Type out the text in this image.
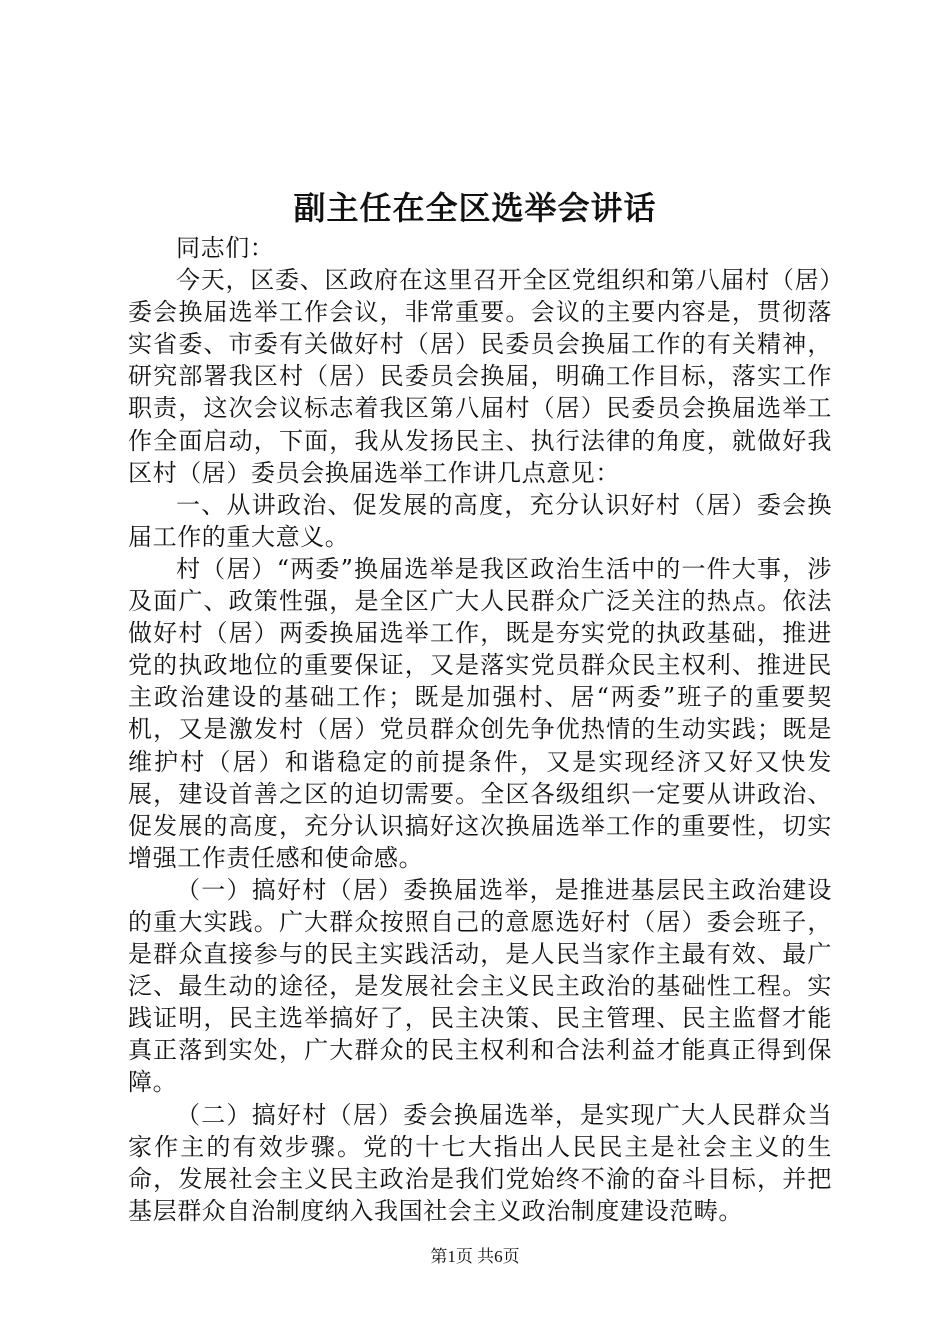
副主任在全区选举会讲话

同志们：

今天，区委、区政府在这里召开全区党组织和第八届村（居）委会换届选举工作会议，非常重要。会议的主要内容是，贯彻落实省委、市委有关做好村（居）民委员会换届工作的有关精神，研究部署我区村（居）民委员会换届，明确工作目标，落实工作职责，这次会议标志着我区第八届村（居）民委员会换届选举工作全面启动，下面，我从发扬民主、执行法律的角度，就做好我区村（居）委员会换届选举工作讲几点意见：

一、从讲政治、促发展的高度，充分认识好村（居）委会换届工作的重大意义。

村（居）“两委”换届选举是我区政治生活中的一件大事，涉及面广、政策性强，是全区广大人民群众广泛关注的热点。依法做好村（居）两委换届选举工作，既是夯实党的执政基础，推进党的执政地位的重要保证，又是落实党员群众民主权利、推进民主政治建设的基础工作；既是加强村、居“两委”班子的重要契机，又是激发村（居）党员群众创先争优热情的生动实践；既是维护村（居）和谐稳定的前提条件，又是实现经济又好又快发展，建设首善之区的迫切需要。全区各级组织一定要从讲政治、促发展的高度，充分认识搞好这次换届选举工作的重要性，切实增强工作责任感和使命感。

（一）搞好村（居）委换届选举，是推进基层民主政治建设的重大实践。广大群众按照自己的意愿选好村（居）委会班子，是群众直接参与的民主实践活动，是人民当家作主最有效、最广泛、最生动的途径，是发展社会主义民主政治的基础性工程。实践证明，民主选举搞好了，民主决策、民主管理、民主监督才能真正落到实处，广大群众的民主权利和合法利益才能真正得到保障。

（二）搞好村（居）委会换届选举，是实现广大人民群众当家作主的有效步骤。党的十七大指出人民民主是社会主义的生命，发展社会主义民主政治是我们党始终不渝的奋斗目标，并把基层群众自治制度纳入我国社会主义政治制度建设范畴。

第1页 共6页
